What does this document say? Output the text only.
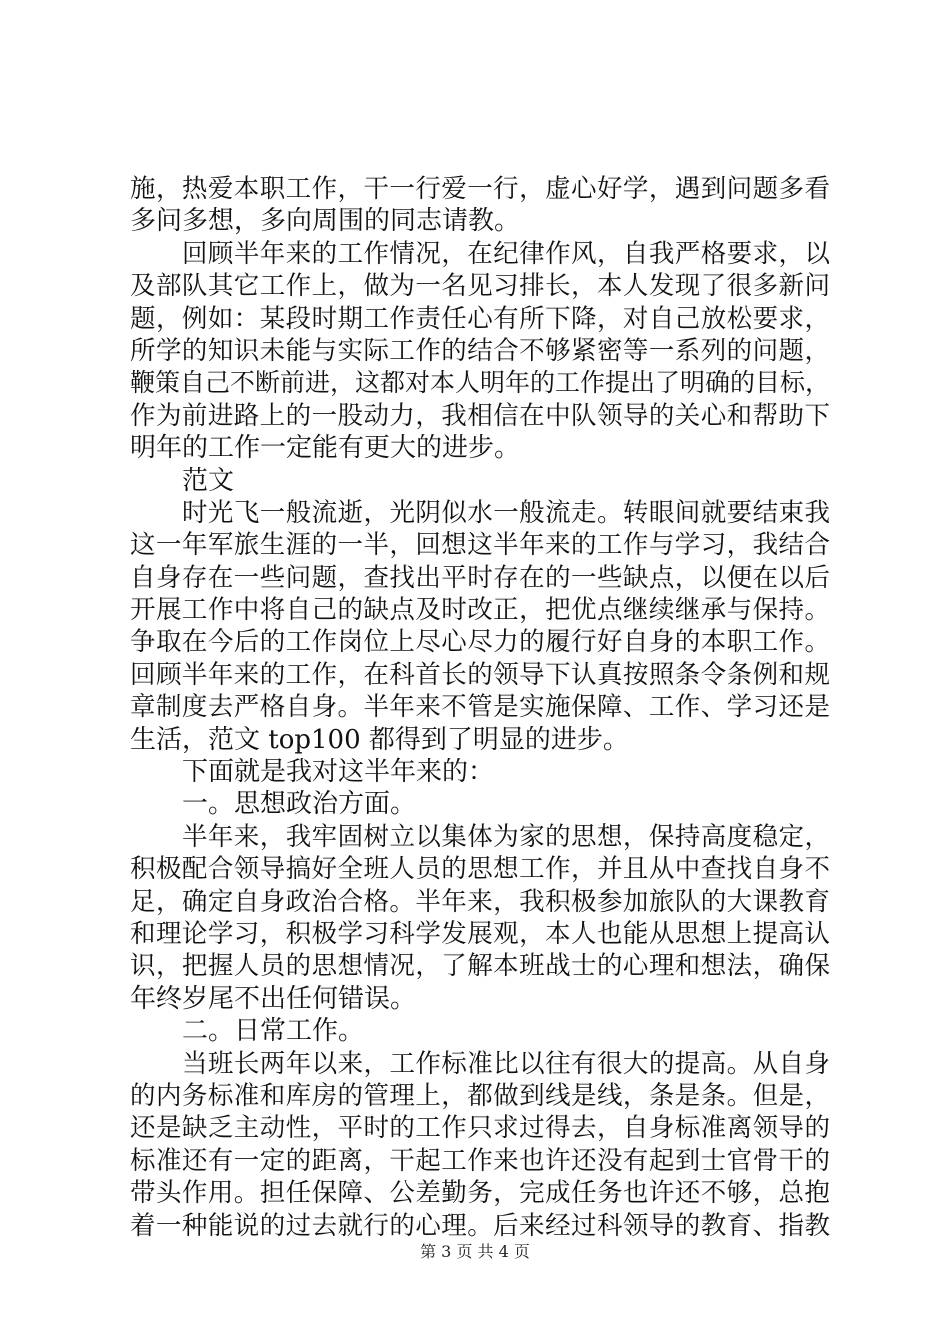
施，热爱本职工作，干一行爱一行，虚心好学，遇到问题多看
多问多想，多向周围的同志请教。
回顾半年来的工作情况，在纪律作风，自我严格要求，以
及部队其它工作上，做为一名见习排长，本人发现了很多新问
题，例如：某段时期工作责任心有所下降，对自己放松要求，
所学的知识未能与实际工作的结合不够紧密等一系列的问题，
鞭策自己不断前进，这都对本人明年的工作提出了明确的目标，
作为前进路上的一股动力，我相信在中队领导的关心和帮助下
明年的工作一定能有更大的进步。
范文
时光飞一般流逝，光阴似水一般流走。转眼间就要结束我
这一年军旅生涯的一半，回想这半年来的工作与学习，我结合
自身存在一些问题，查找出平时存在的一些缺点，以便在以后
开展工作中将自己的缺点及时改正，把优点继续继承与保持。
争取在今后的工作岗位上尽心尽力的履行好自身的本职工作。
回顾半年来的工作，在科首长的领导下认真按照条令条例和规
章制度去严格自身。半年来不管是实施保障、工作、学习还是
生活，范文 top100 都得到了明显的进步。
下面就是我对这半年来的：
一。思想政治方面。
半年来，我牢固树立以集体为家的思想，保持高度稳定，
积极配合领导搞好全班人员的思想工作，并且从中查找自身不
足，确定自身政治合格。半年来，我积极参加旅队的大课教育
和理论学习，积极学习科学发展观，本人也能从思想上提高认
识，把握人员的思想情况，了解本班战士的心理和想法，确保
年终岁尾不出任何错误。
二。日常工作。
当班长两年以来，工作标准比以往有很大的提高。从自身
的内务标准和库房的管理上，都做到线是线，条是条。但是，
还是缺乏主动性，平时的工作只求过得去，自身标准离领导的
标准还有一定的距离，干起工作来也许还没有起到士官骨干的
带头作用。担任保障、公差勤务，完成任务也许还不够，总抱
着一种能说的过去就行的心理。后来经过科领导的教育、指教
第 3 页 共 4 页
